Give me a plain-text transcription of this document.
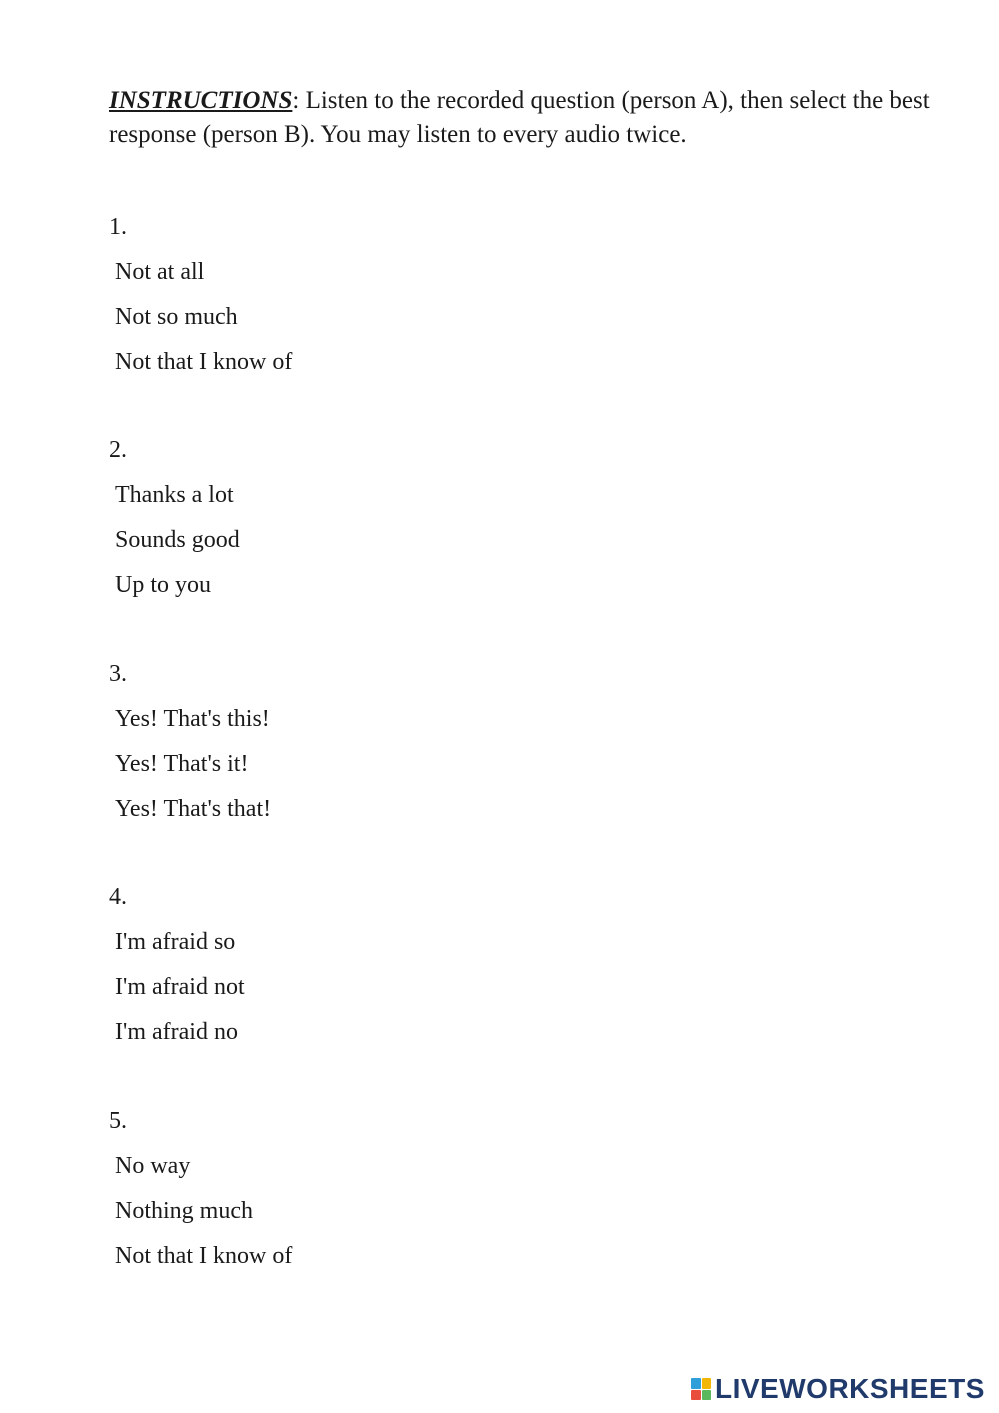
INSTRUCTIONS: Listen to the recorded question (person A), then select the best response (person B). You may listen to every audio twice.
1.
Not at all
Not so much
Not that I know of
2.
Thanks a lot
Sounds good
Up to you
3.
Yes! That's this!
Yes! That's it!
Yes! That's that!
4.
I'm afraid so
I'm afraid not
I'm afraid no
5.
No way
Nothing much
Not that I know of
LIVEWORKSHEETS
